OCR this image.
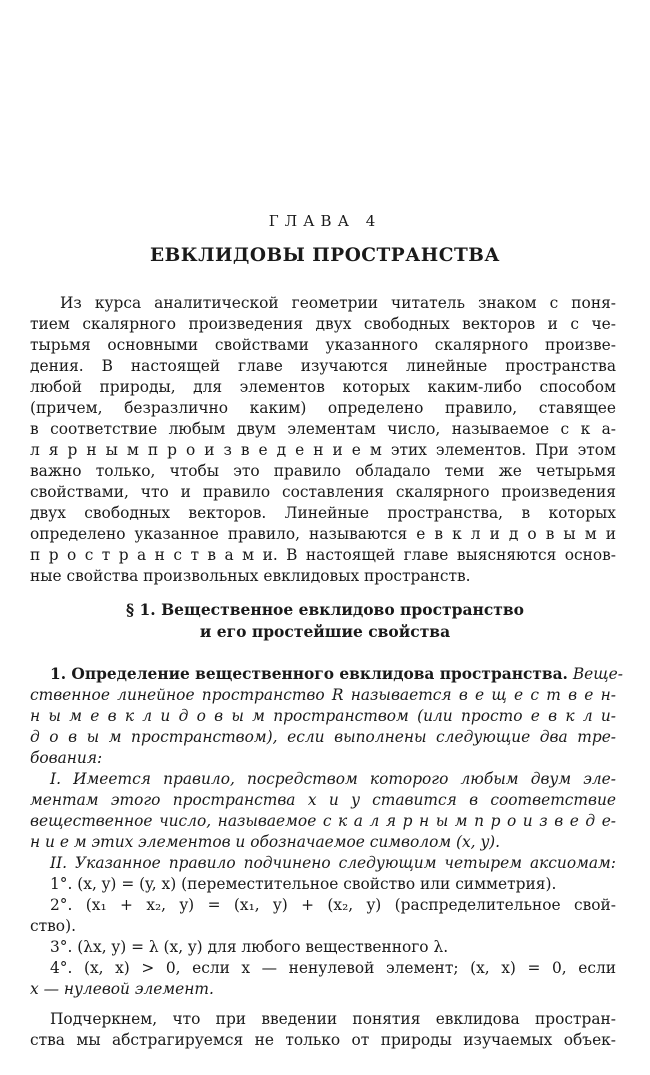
ГЛАВА 4
ЕВКЛИДОВЫ ПРОСТРАНСТВА
Из курса аналитической геометрии читатель знаком с поня-
тием скалярного произведения двух свободных векторов и с че-
тырьмя основными свойствами указанного скалярного произве-
дения. В настоящей главе изучаются линейные пространства
любой природы, для элементов которых каким-либо способом
(причем, безразлично каким) определено правило, ставящее
в соответствие любым двум элементам число, называемое с к а-
л я р н ы м п р о и з в е д е н и е м этих элементов. При этом
важно только, чтобы это правило обладало теми же четырьмя
свойствами, что и правило составления скалярного произведения
двух свободных векторов. Линейные пространства, в которых
определено указанное правило, называются е в к л и д о в ы м и
п р о с т р а н с т в а м и. В настоящей главе выясняются основ-
ные свойства произвольных евклидовых пространств.
§ 1. Вещественное евклидово пространство
и его простейшие свойства
1. Определение вещественного евклидова пространства. Веще-
ственное линейное пространство R называется в е щ е с т в е н-
н ы м е в к л и д о в ы м пространством (или просто е в к л и-
д о в ы м пространством), если выполнены следующие два тре-
бования:
I. Имеется правило, посредством которого любым двум эле-
ментам этого пространства x и y ставится в соответствие
вещественное число, называемое с к а л я р н ы м п р о и з в е д е-
н и е м этих элементов и обозначаемое символом (x, y).
II. Указанное правило подчинено следующим четырем аксиомам:
1°. (x, y) = (y, x) (переместительное свойство или симметрия).
2°. (x₁ + x₂, y) = (x₁, y) + (x₂, y) (распределительное свой-
ство).
3°. (λx, y) = λ (x, y) для любого вещественного λ.
4°. (x, x) > 0, если x — ненулевой элемент; (x, x) = 0, если
x — нулевой элемент.
Подчеркнем, что при введении понятия евклидова простран-
ства мы абстрагируемся не только от природы изучаемых объек-
